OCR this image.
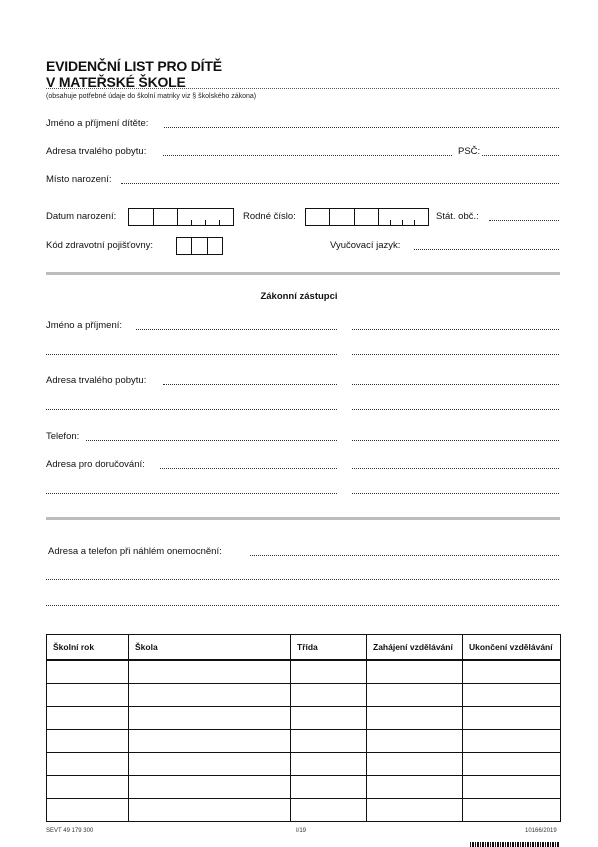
EVIDENČNÍ LIST PRO DÍTĚ
V MATEŘSKÉ ŠKOLE
(obsahuje potřebné údaje do školní matriky viz § školského zákona)
Jméno a příjmení dítěte:
Adresa trvalého pobytu:	PSČ:
Místo narození:
Datum narození:	Rodné číslo:	Stát. obč.:
Kód zdravotní pojišťovny:	Vyučovací jazyk:
Zákonní zástupci
Jméno a příjmení:
Adresa trvalého pobytu:
Telefon:
Adresa pro doručování:
Adresa a telefon při náhlém onemocnění:
Školní rok	Škola	Třída	Zahájení vzdělávání	Ukončení vzdělávání

SEVT 49 179 300	I/19	10166/2019
